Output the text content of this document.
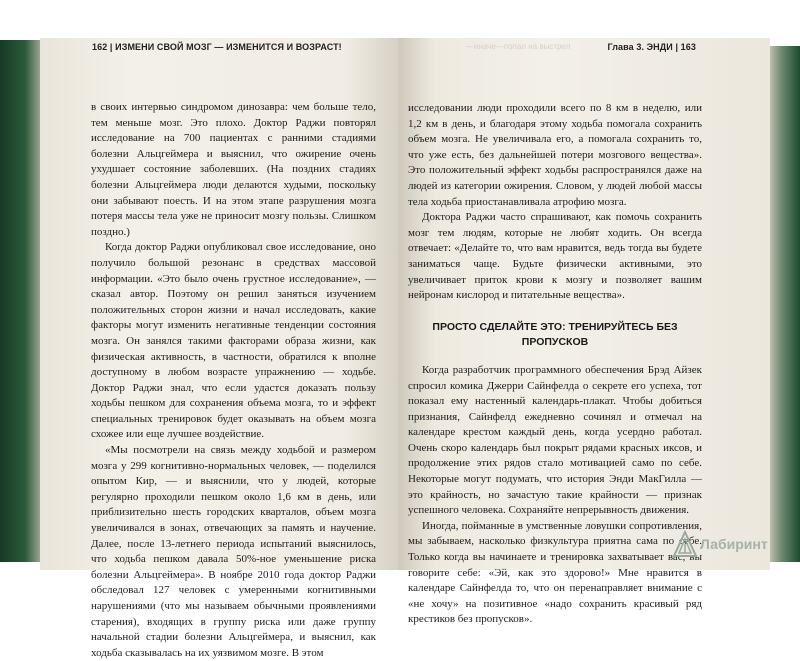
162 | ИЗМЕНИ СВОЙ МОЗГ — ИЗМЕНИТСЯ И ВОЗРАСТ!	—иначе—попал на выстрел	Глава 3. ЭНДИ | 163

в своих интервью синдромом динозавра: чем больше тело, тем меньше мозг. Это плохо. Доктор Раджи повторял исследование на 700 пациентах с ранними стадиями болезни Альцгеймера и выяснил, что ожирение очень ухудшает состояние заболевших. (На поздних стадиях болезни Альцгеймера люди делаются худыми, поскольку они забывают поесть. И на этом этапе разрушения мозга потеря массы тела уже не приносит мозгу пользы. Слишком поздно.)

Когда доктор Раджи опубликовал свое исследование, оно получило большой резонанс в средствах массовой информации. «Это было очень грустное исследование», — сказал автор. Поэтому он решил заняться изучением положительных сторон жизни и начал исследовать, какие факторы могут изменить негативные тенденции состояния мозга. Он занялся такими факторами образа жизни, как физическая активность, в частности, обратился к вполне доступному в любом возрасте упражнению — ходьбе. Доктор Раджи знал, что если удастся доказать пользу ходьбы пешком для сохранения объема мозга, то и эффект специальных тренировок будет оказывать на объем мозга схожее или еще лучшее воздействие.

«Мы посмотрели на связь между ходьбой и размером мозга у 299 когнитивно-нормальных человек, — поделился опытом Кир, — и выяснили, что у людей, которые регулярно проходили пешком около 1,6 км в день, или приблизительно шесть городских кварталов, объем мозга увеличивался в зонах, отвечающих за память и научение. Далее, после 13-летнего периода испытаний выяснилось, что ходьба пешком давала 50%-ное уменьшение риска болезни Альцгеймера». В ноябре 2010 года доктор Раджи обследовал 127 человек с умеренными когнитивными нарушениями (что мы называем обычными проявлениями старения), входящих в группу риска или даже группу начальной стадии болезни Альцгеймера, и выяснил, как ходьба сказывалась на их уязвимом мозге. В этом

исследовании люди проходили всего по 8 км в неделю, или 1,2 км в день, и благодаря этому ходьба помогала сохранить объем мозга. Не увеличивала его, а помогала сохранить то, что уже есть, без дальнейшей потери мозгового вещества». Это положительный эффект ходьбы распространялся даже на людей из категории ожирения. Словом, у людей любой массы тела ходьба приостанавливала атрофию мозга.

Доктора Раджи часто спрашивают, как помочь сохранить мозг тем людям, которые не любят ходить. Он всегда отвечает: «Делайте то, что вам нравится, ведь тогда вы будете заниматься чаще. Будьте физически активными, это увеличивает приток крови к мозгу и позволяет вашим нейронам кислород и питательные вещества».

ПРОСТО СДЕЛАЙТЕ ЭТО: ТРЕНИРУЙТЕСЬ БЕЗ ПРОПУСКОВ

Когда разработчик программного обеспечения Брэд Айзек спросил комика Джерри Сайнфелда о секрете его успеха, тот показал ему настенный календарь-плакат. Чтобы добиться признания, Сайнфелд ежедневно сочинял и отмечал на календаре крестом каждый день, когда усердно работал. Очень скоро календарь был покрыт рядами красных иксов, и продолжение этих рядов стало мотивацией само по себе. Некоторые могут подумать, что история Энди МакГилла — это крайность, но зачастую такие крайности — признак успешного человека. Сохраняйте непрерывность движения.

Иногда, пойманные в умственные ловушки сопротивления, мы забываем, насколько физкультура приятна сама по себе. Только когда вы начинаете и тренировка захватывает вас, вы говорите себе: «Эй, как это здорово!» Мне нравится в календаре Сайнфелда то, что он перенаправляет внимание с «не хочу» на позитивное «надо сохранить красивый ряд крестиков без пропусков».

Лабиринт
